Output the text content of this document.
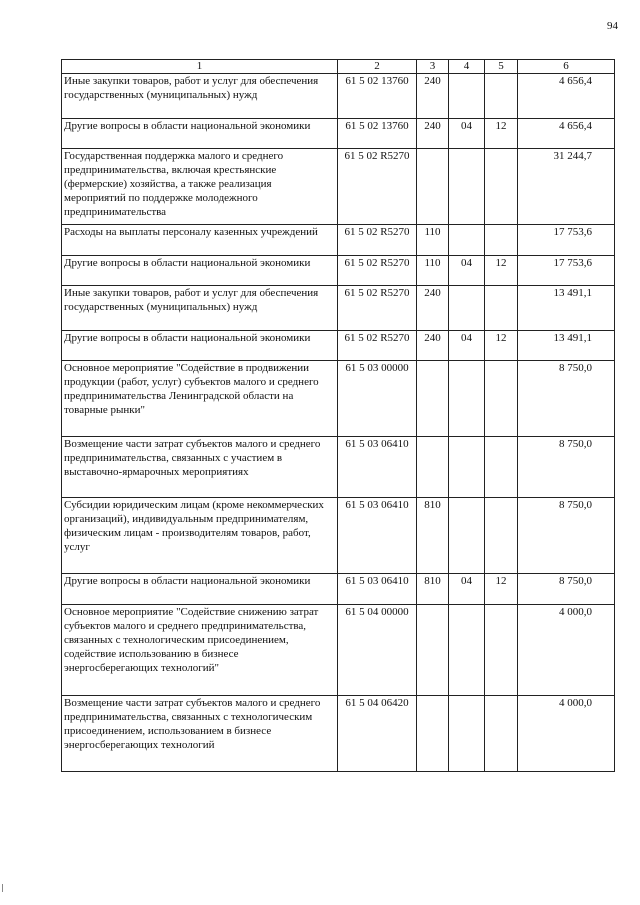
94
1	2	3	4	5	6
Иные закупки товаров, работ и услуг для обеспечения государственных (муниципальных) нужд	61 5 02 13760	240			4 656,4
Другие вопросы в области национальной экономики	61 5 02 13760	240	04	12	4 656,4
Государственная поддержка малого и среднего предпринимательства, включая крестьянские (фермерские) хозяйства, а также реализация мероприятий по поддержке молодежного предпринимательства	61 5 02 R5270				31 244,7
Расходы на выплаты персоналу казенных учреждений	61 5 02 R5270	110			17 753,6
Другие вопросы в области национальной экономики	61 5 02 R5270	110	04	12	17 753,6
Иные закупки товаров, работ и услуг для обеспечения государственных (муниципальных) нужд	61 5 02 R5270	240			13 491,1
Другие вопросы в области национальной экономики	61 5 02 R5270	240	04	12	13 491,1
Основное мероприятие "Содействие в продвижении продукции (работ, услуг) субъектов малого и среднего предпринимательства Ленинградской области на товарные рынки"	61 5 03 00000				8 750,0
Возмещение части затрат субъектов малого и среднего предпринимательства, связанных с участием в выставочно-ярмарочных мероприятиях	61 5 03 06410				8 750,0
Субсидии юридическим лицам (кроме некоммерческих организаций), индивидуальным предпринимателям, физическим лицам - производителям товаров, работ, услуг	61 5 03 06410	810			8 750,0
Другие вопросы в области национальной экономики	61 5 03 06410	810	04	12	8 750,0
Основное мероприятие "Содействие снижению затрат субъектов малого и среднего предпринимательства, связанных с технологическим присоединением, содействие использованию в бизнесе энергосберегающих технологий"	61 5 04 00000				4 000,0
Возмещение части затрат субъектов малого и среднего предпринимательства, связанных с технологическим присоединением, использованием в бизнесе энергосберегающих технологий	61 5 04 06420				4 000,0
